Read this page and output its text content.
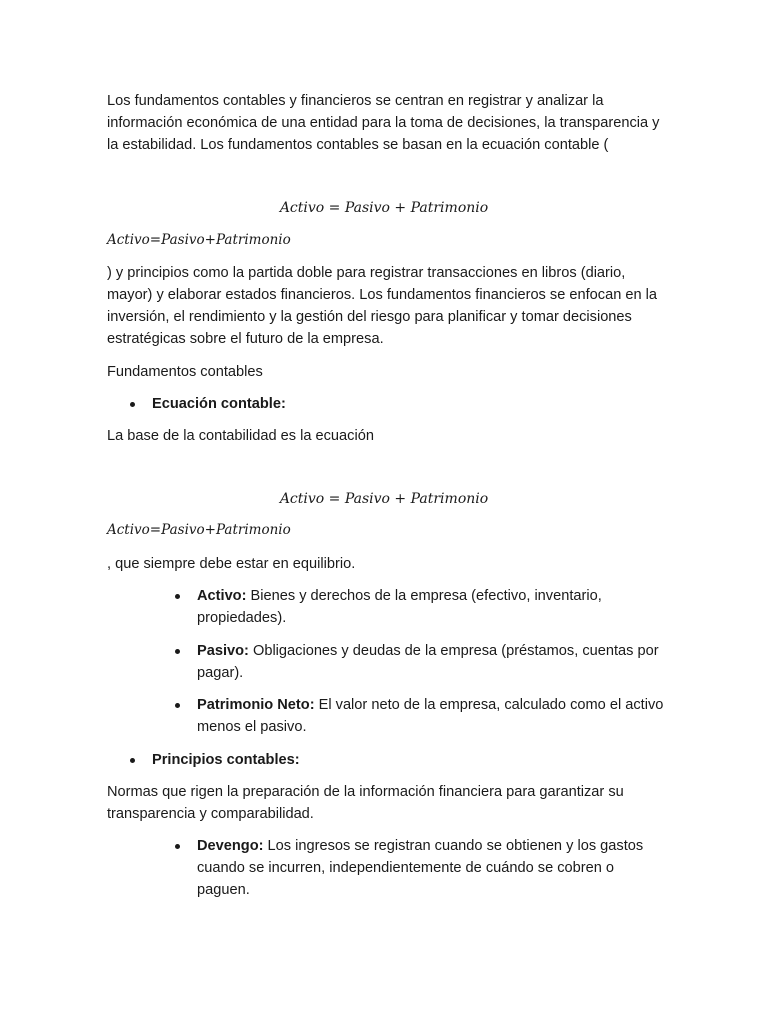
Los fundamentos contables y financieros se centran en registrar y analizar la información económica de una entidad para la toma de decisiones, la transparencia y la estabilidad. Los fundamentos contables se basan en la ecuación contable (

Activo = Pasivo + Patrimonio
Activo=Pasivo+Patrimonio

) y principios como la partida doble para registrar transacciones en libros (diario, mayor) y elaborar estados financieros. Los fundamentos financieros se enfocan en la inversión, el rendimiento y la gestión del riesgo para planificar y tomar decisiones estratégicas sobre el futuro de la empresa.

Fundamentos contables
Ecuación contable:
La base de la contabilidad es la ecuación
Activo = Pasivo + Patrimonio
Activo=Pasivo+Patrimonio
, que siempre debe estar en equilibrio.
Activo: Bienes y derechos de la empresa (efectivo, inventario, propiedades).
Pasivo: Obligaciones y deudas de la empresa (préstamos, cuentas por pagar).
Patrimonio Neto: El valor neto de la empresa, calculado como el activo menos el pasivo.
Principios contables:

Normas que rigen la preparación de la información financiera para garantizar su transparencia y comparabilidad.

Devengo: Los ingresos se registran cuando se obtienen y los gastos cuando se incurren, independientemente de cuándo se cobren o paguen.
